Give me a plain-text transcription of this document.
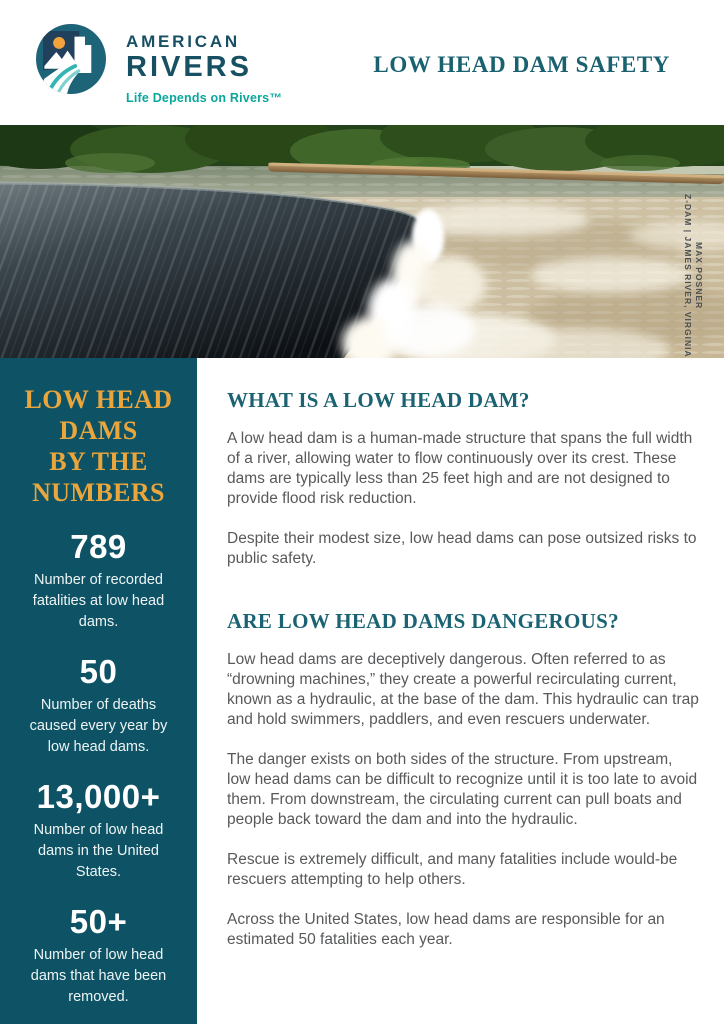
AMERICAN
RIVERS
Life Depends on Rivers™
LOW HEAD DAM SAFETY
Z-DAM | JAMES RIVER, VIRGINIA MAX POSNER
LOW HEAD
DAMS
BY THE
NUMBERS
789
Number of recorded fatalities at low head dams.
50
Number of deaths caused every year by low head dams.
13,000+
Number of low head dams in the United States.
50+
Number of low head dams that have been removed.
WHAT IS A LOW HEAD DAM?

A low head dam is a human-made structure that spans the full width of a river, allowing water to flow continuously over its crest. These dams are typically less than 25 feet high and are not designed to provide flood risk reduction.

Despite their modest size, low head dams can pose outsized risks to public safety.

ARE LOW HEAD DAMS DANGEROUS?

Low head dams are deceptively dangerous. Often referred to as “drowning machines,” they create a powerful recirculating current, known as a hydraulic, at the base of the dam. This hydraulic can trap and hold swimmers, paddlers, and even rescuers underwater.

The danger exists on both sides of the structure. From upstream, low head dams can be difficult to recognize until it is too late to avoid them. From downstream, the circulating current can pull boats and people back toward the dam and into the hydraulic.

Rescue is extremely difficult, and many fatalities include would-be rescuers attempting to help others.

Across the United States, low head dams are responsible for an estimated 50 fatalities each year.
